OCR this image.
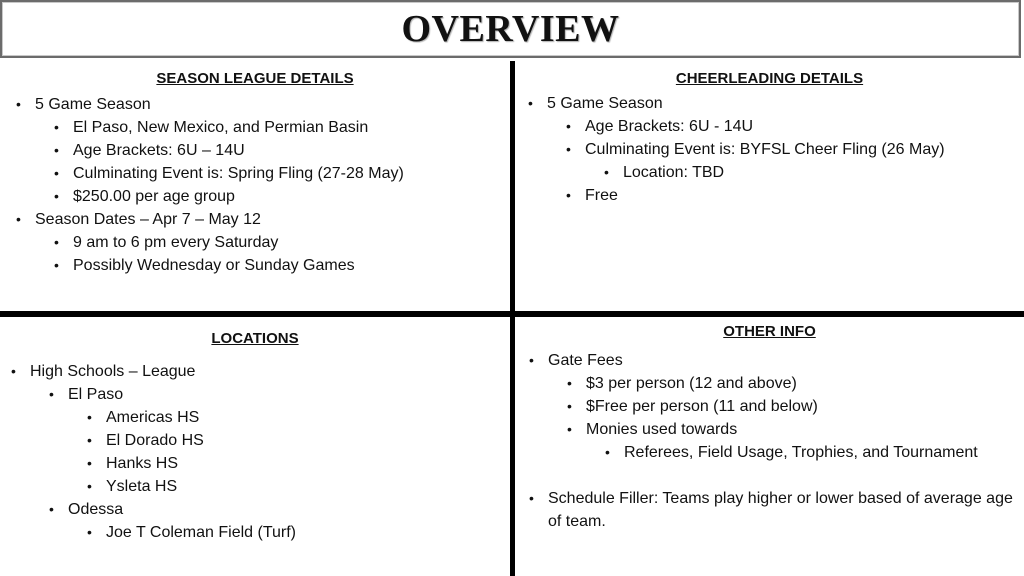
OVERVIEW
SEASON LEAGUE DETAILS
• 5 Game Season
• El Paso, New Mexico, and Permian Basin
• Age Brackets: 6U – 14U
• Culminating Event is: Spring Fling (27-28 May)
• $250.00 per age group
• Season Dates – Apr 7 – May 12
• 9 am to 6 pm every Saturday
• Possibly Wednesday or Sunday Games
CHEERLEADING DETAILS
• 5 Game Season
• Age Brackets: 6U - 14U
• Culminating Event is: BYFSL Cheer Fling (26 May)
• Location: TBD
• Free
LOCATIONS
• High Schools – League
• El Paso
• Americas HS
• El Dorado HS
• Hanks HS
• Ysleta HS
• Odessa
• Joe T Coleman Field (Turf)
OTHER INFO
• Gate Fees
• $3 per person (12 and above)
• $Free per person (11 and below)
• Monies used towards
• Referees, Field Usage, Trophies, and Tournament
• Schedule Filler: Teams play higher or lower based of average age of team.
